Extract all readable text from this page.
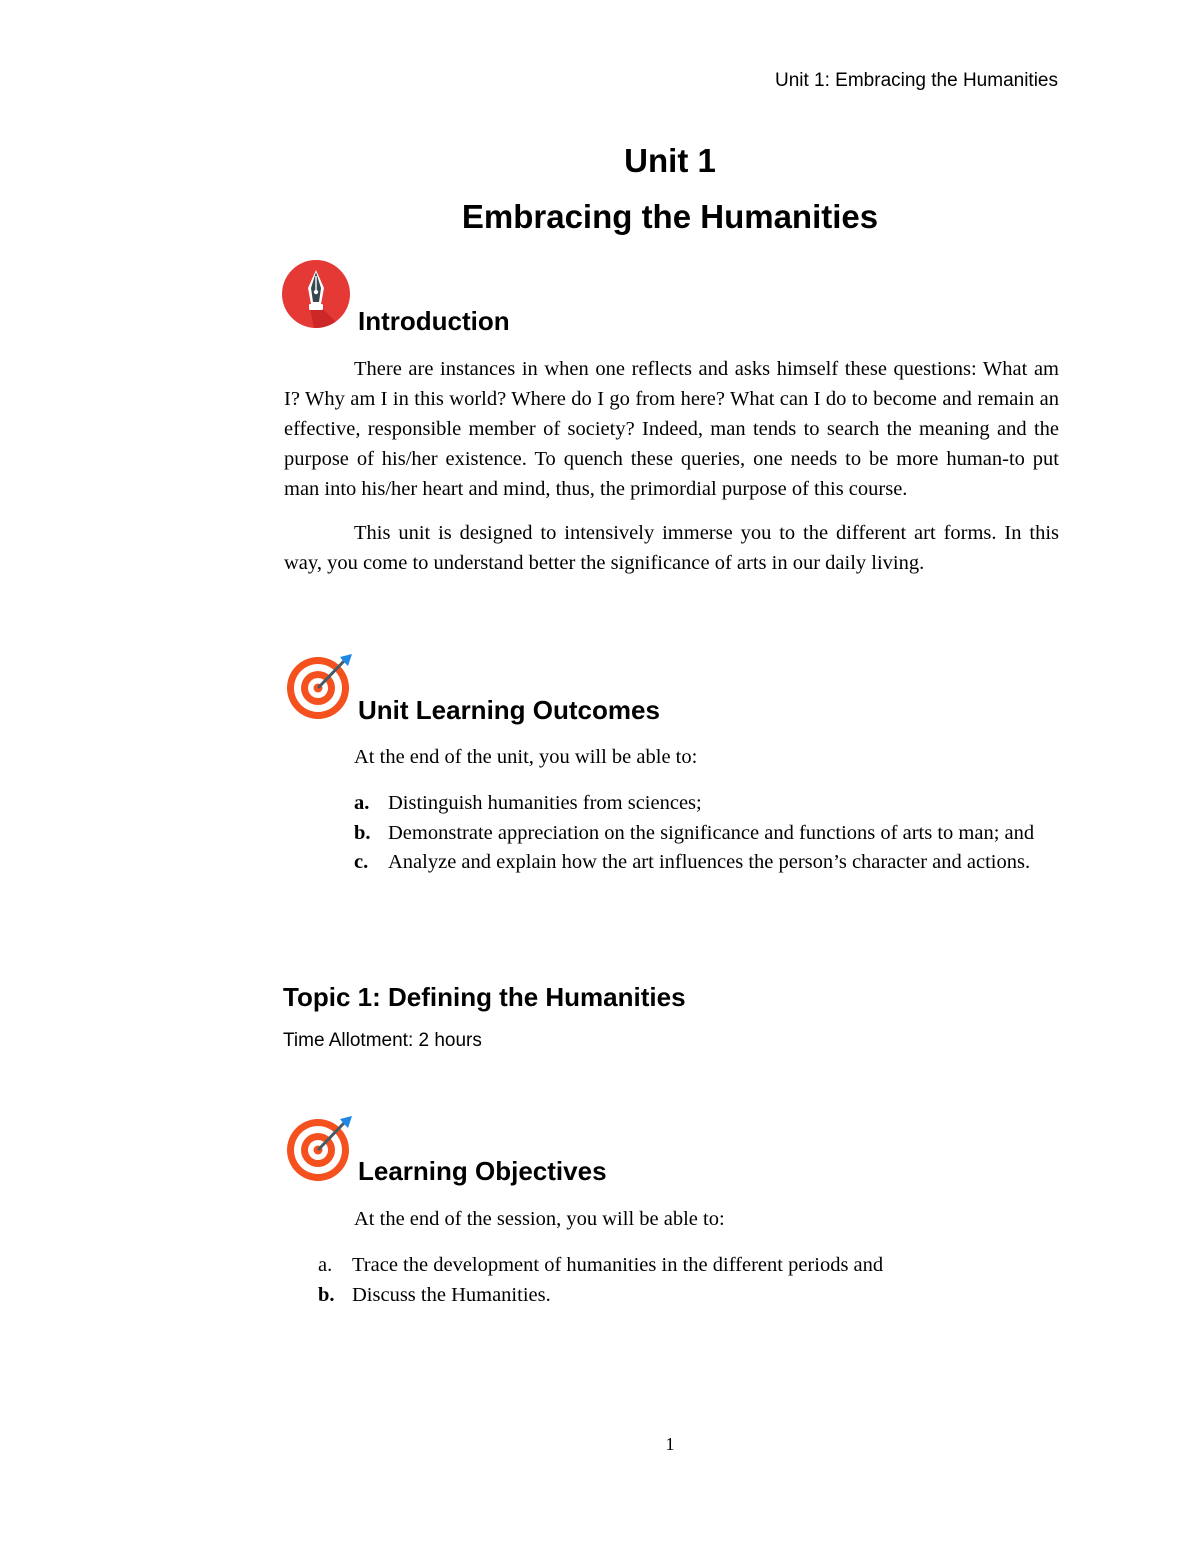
Unit 1: Embracing the Humanities
Unit 1
Embracing the Humanities
Introduction

There are instances in when one reflects and asks himself these questions: What am I? Why am I in this world? Where do I go from here? What can I do to become and remain an effective, responsible member of society? Indeed, man tends to search the meaning and the purpose of his/her existence. To quench these queries, one needs to be more human-to put man into his/her heart and mind, thus, the primordial purpose of this course.

This unit is designed to intensively immerse you to the different art forms. In this way, you come to understand better the significance of arts in our daily living.

Unit Learning Outcomes
At the end of the unit, you will be able to:
a. Distinguish humanities from sciences;
b. Demonstrate appreciation on the significance and functions of arts to man; and
c. Analyze and explain how the art influences the person’s character and actions.
Topic 1: Defining the Humanities
Time Allotment: 2 hours
Learning Objectives
At the end of the session, you will be able to:
a. Trace the development of humanities in the different periods and
b. Discuss the Humanities.
1
